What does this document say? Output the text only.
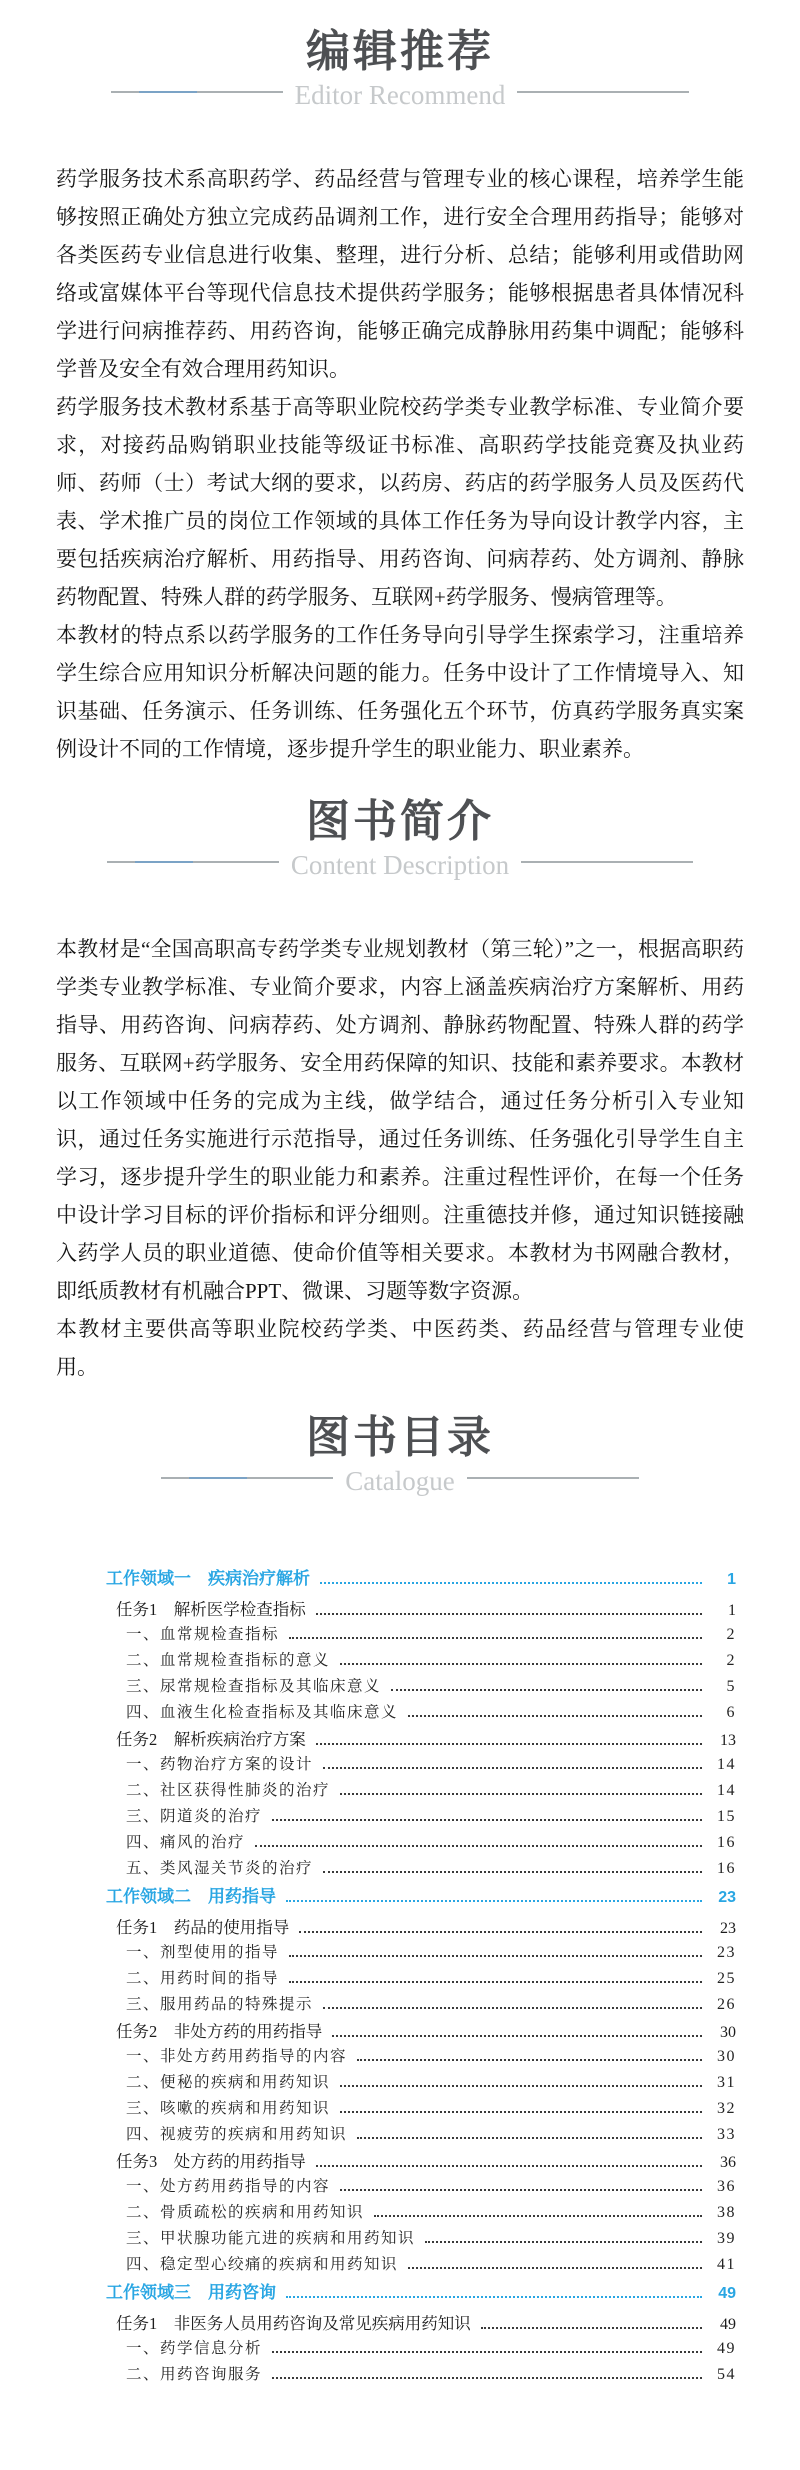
编辑推荐
Editor Recommend

药学服务技术系高职药学、药品经营与管理专业的核心课程，培养学生能够按照正确处方独立完成药品调剂工作，进行安全合理用药指导；能够对各类医药专业信息进行收集、整理，进行分析、总结；能够利用或借助网络或富媒体平台等现代信息技术提供药学服务；能够根据患者具体情况科学进行问病推荐药、用药咨询，能够正确完成静脉用药集中调配；能够科学普及安全有效合理用药知识。

药学服务技术教材系基于高等职业院校药学类专业教学标准、专业简介要求，对接药品购销职业技能等级证书标准、高职药学技能竞赛及执业药师、药师（士）考试大纲的要求，以药房、药店的药学服务人员及医药代表、学术推广员的岗位工作领域的具体工作任务为导向设计教学内容，主要包括疾病治疗解析、用药指导、用药咨询、问病荐药、处方调剂、静脉药物配置、特殊人群的药学服务、互联网+药学服务、慢病管理等。

本教材的特点系以药学服务的工作任务导向引导学生探索学习，注重培养学生综合应用知识分析解决问题的能力。任务中设计了工作情境导入、知识基础、任务演示、任务训练、任务强化五个环节，仿真药学服务真实案例设计不同的工作情境，逐步提升学生的职业能力、职业素养。

图书简介
Content Description

本教材是“全国高职高专药学类专业规划教材（第三轮）”之一，根据高职药学类专业教学标准、专业简介要求，内容上涵盖疾病治疗方案解析、用药指导、用药咨询、问病荐药、处方调剂、静脉药物配置、特殊人群的药学服务、互联网+药学服务、安全用药保障的知识、技能和素养要求。本教材以工作领域中任务的完成为主线，做学结合，通过任务分析引入专业知识，通过任务实施进行示范指导，通过任务训练、任务强化引导学生自主学习，逐步提升学生的职业能力和素养。注重过程性评价，在每一个任务中设计学习目标的评价指标和评分细则。注重德技并修，通过知识链接融入药学人员的职业道德、使命价值等相关要求。本教材为书网融合教材，即纸质教材有机融合PPT、微课、习题等数字资源。

本教材主要供高等职业院校药学类、中医药类、药品经营与管理专业使用。

图书目录
Catalogue
工作领域一　疾病治疗解析	1
任务1　解析医学检查指标	1
一、血常规检查指标	2
二、血常规检查指标的意义	2
三、尿常规检查指标及其临床意义	5
四、血液生化检查指标及其临床意义	6
任务2　解析疾病治疗方案	13
一、药物治疗方案的设计	14
二、社区获得性肺炎的治疗	14
三、阴道炎的治疗	15
四、痛风的治疗	16
五、类风湿关节炎的治疗	16
工作领域二　用药指导	23
任务1　药品的使用指导	23
一、剂型使用的指导	23
二、用药时间的指导	25
三、服用药品的特殊提示	26
任务2　非处方药的用药指导	30
一、非处方药用药指导的内容	30
二、便秘的疾病和用药知识	31
三、咳嗽的疾病和用药知识	32
四、视疲劳的疾病和用药知识	33
任务3　处方药的用药指导	36
一、处方药用药指导的内容	36
二、骨质疏松的疾病和用药知识	38
三、甲状腺功能亢进的疾病和用药知识	39
四、稳定型心绞痛的疾病和用药知识	41
工作领域三　用药咨询	49
任务1　非医务人员用药咨询及常见疾病用药知识	49
一、药学信息分析	49
二、用药咨询服务	54
